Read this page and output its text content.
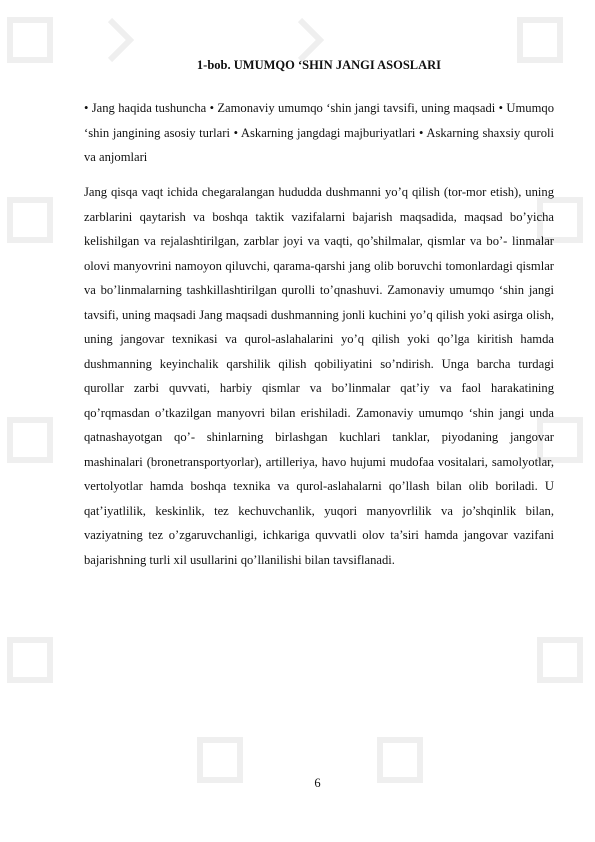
1-bob. UMUMQO ‘SHIN JANGI ASOSLARI
• Jang haqida tushuncha • Zamonaviy umumqo ‘shin jangi tavsifi, uning maqsadi • Umumqo ‘shin jangining asosiy turlari • Askarning jangdagi majburiyatlari • Askarning shaxsiy quroli va anjomlari
Jang qisqa vaqt ichida chegaralangan hududda dushmanni yo’q qilish (tor-mor etish), uning zarblarini qaytarish va boshqa taktik vazifalarni bajarish maqsadida, maqsad bo’yicha kelishilgan va rejalashtirilgan, zarblar joyi va vaqti, qo’shilmalar, qismlar va bo’- linmalar olovi manyovrini namoyon qiluvchi, qarama-qarshi jang olib boruvchi tomonlardagi qismlar va bo’linmalarning tashkillashtirilgan qurolli to’qnashuvi. Zamonaviy umumqo ‘shin jangi tavsifi, uning maqsadi Jang maqsadi dushmanning jonli kuchini yo’q qilish yoki asirga olish, uning jangovar texnikasi va qurol-aslahalarini yo’q qilish yoki qo’lga kiritish hamda dushmanning keyinchalik qarshilik qilish qobiliyatini so’ndirish. Unga barcha turdagi qurollar zarbi quvvati, harbiy qismlar va bo’linmalar qat’iy va faol harakatining qo’rqmasdan o’tkazilgan manyovri bilan erishiladi. Zamonaviy umumqo ‘shin jangi unda qatnashayotgan qo’- shinlarning birlashgan kuchlari tanklar, piyodaning jangovar mashinalari (bronetransportyorlar), artilleriya, havo hujumi mudofaa vositalari, samolyotlar, vertolyotlar hamda boshqa texnika va qurol-aslahalarni qo’llash bilan olib boriladi. U qat’iyatlilik, keskinlik, tez kechuvchanlik, yuqori manyovrlilik va jo’shqinlik bilan, vaziyatning tez o’zgaruvchanligi, ichkariga quvvatli olov ta’siri hamda jangovar vazifani bajarishning turli xil usullarini qo’llanilishi bilan tavsiflanadi.
6
